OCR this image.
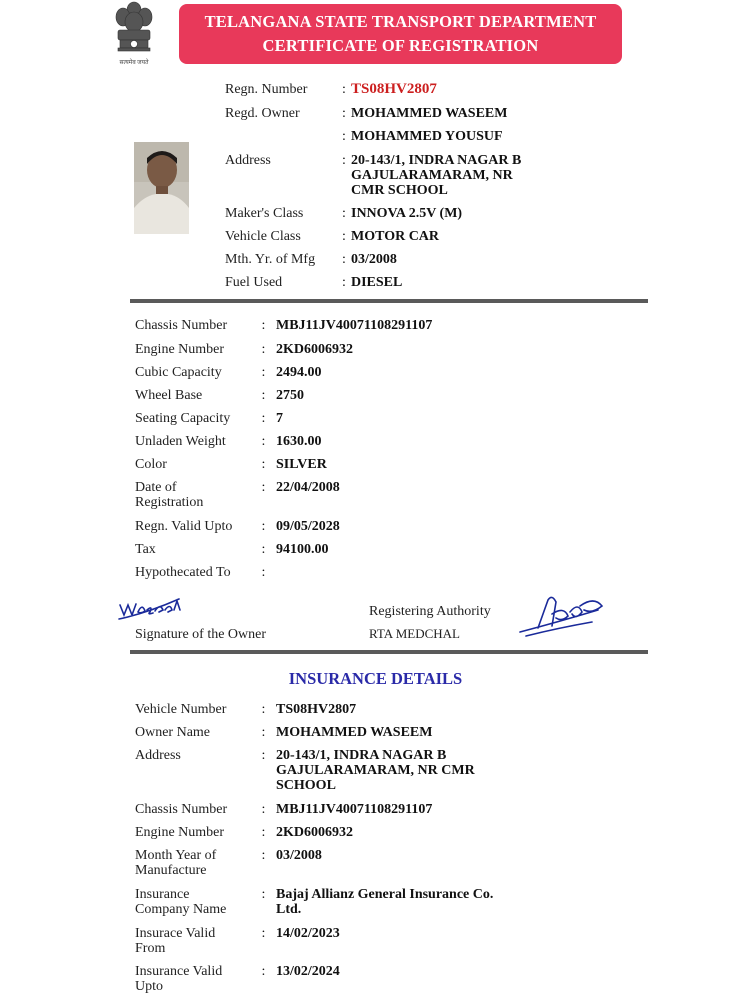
सत्यमेव जयते
TELANGANA STATE TRANSPORT DEPARTMENT
CERTIFICATE OF REGISTRATION
Regn. Number	: TS08HV2807
Regd. Owner	: MOHAMMED WASEEM
: MOHAMMED YOUSUF
Address	: 20-143/1, INDRA NAGAR B
GAJULARAMARAM, NR
CMR SCHOOL
Maker's Class	: INNOVA 2.5V (M)
Vehicle Class	: MOTOR CAR
Mth. Yr. of Mfg	: 03/2008
Fuel Used	: DIESEL
Chassis Number	: MBJ11JV40071108291107
Engine Number	: 2KD6006932
Cubic Capacity	: 2494.00
Wheel Base	: 2750
Seating Capacity	: 7
Unladen Weight	: 1630.00
Color	: SILVER
Date of
Registration
: 22/04/2008
Regn. Valid Upto	: 09/05/2028
Tax	: 94100.00
Hypothecated To	:
Signature of the Owner
Registering Authority
RTA MEDCHAL
INSURANCE DETAILS
Vehicle Number	: TS08HV2807
Owner Name	: MOHAMMED WASEEM
Address	: 20-143/1, INDRA NAGAR B
GAJULARAMARAM, NR CMR
SCHOOL
Chassis Number	: MBJ11JV40071108291107
Engine Number	: 2KD6006932
Month Year of
Manufacture
: 03/2008
Insurance
Company Name
: Bajaj Allianz General Insurance Co.
Ltd.
Insurace Valid
From
: 14/02/2023
Insurance Valid
Upto
: 13/02/2024
